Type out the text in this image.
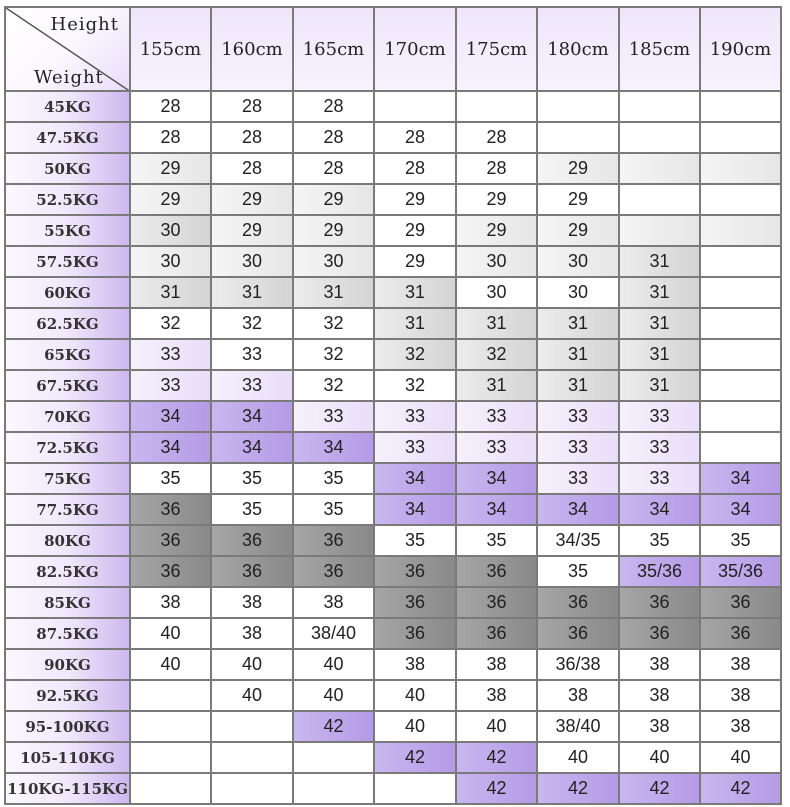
Height
Weight	155cm	160cm	165cm	170cm	175cm	180cm	185cm	190cm
45KG	28	28	28					
47.5KG	28	28	28	28	28			
50KG	29	28	28	28	28	29		
52.5KG	29	29	29	29	29	29		
55KG	30	29	29	29	29	29		
57.5KG	30	30	30	29	30	30	31	
60KG	31	31	31	31	30	30	31	
62.5KG	32	32	32	31	31	31	31	
65KG	33	33	32	32	32	31	31	
67.5KG	33	33	32	32	31	31	31	
70KG	34	34	33	33	33	33	33	
72.5KG	34	34	34	33	33	33	33	
75KG	35	35	35	34	34	33	33	34
77.5KG	36	35	35	34	34	34	34	34
80KG	36	36	36	35	35	34/35	35	35
82.5KG	36	36	36	36	36	35	35/36	35/36
85KG	38	38	38	36	36	36	36	36
87.5KG	40	38	38/40	36	36	36	36	36
90KG	40	40	40	38	38	36/38	38	38
92.5KG		40	40	40	38	38	38	38
95-100KG			42	40	40	38/40	38	38
105-110KG				42	42	40	40	40
110KG-115KG					42	42	42	42
